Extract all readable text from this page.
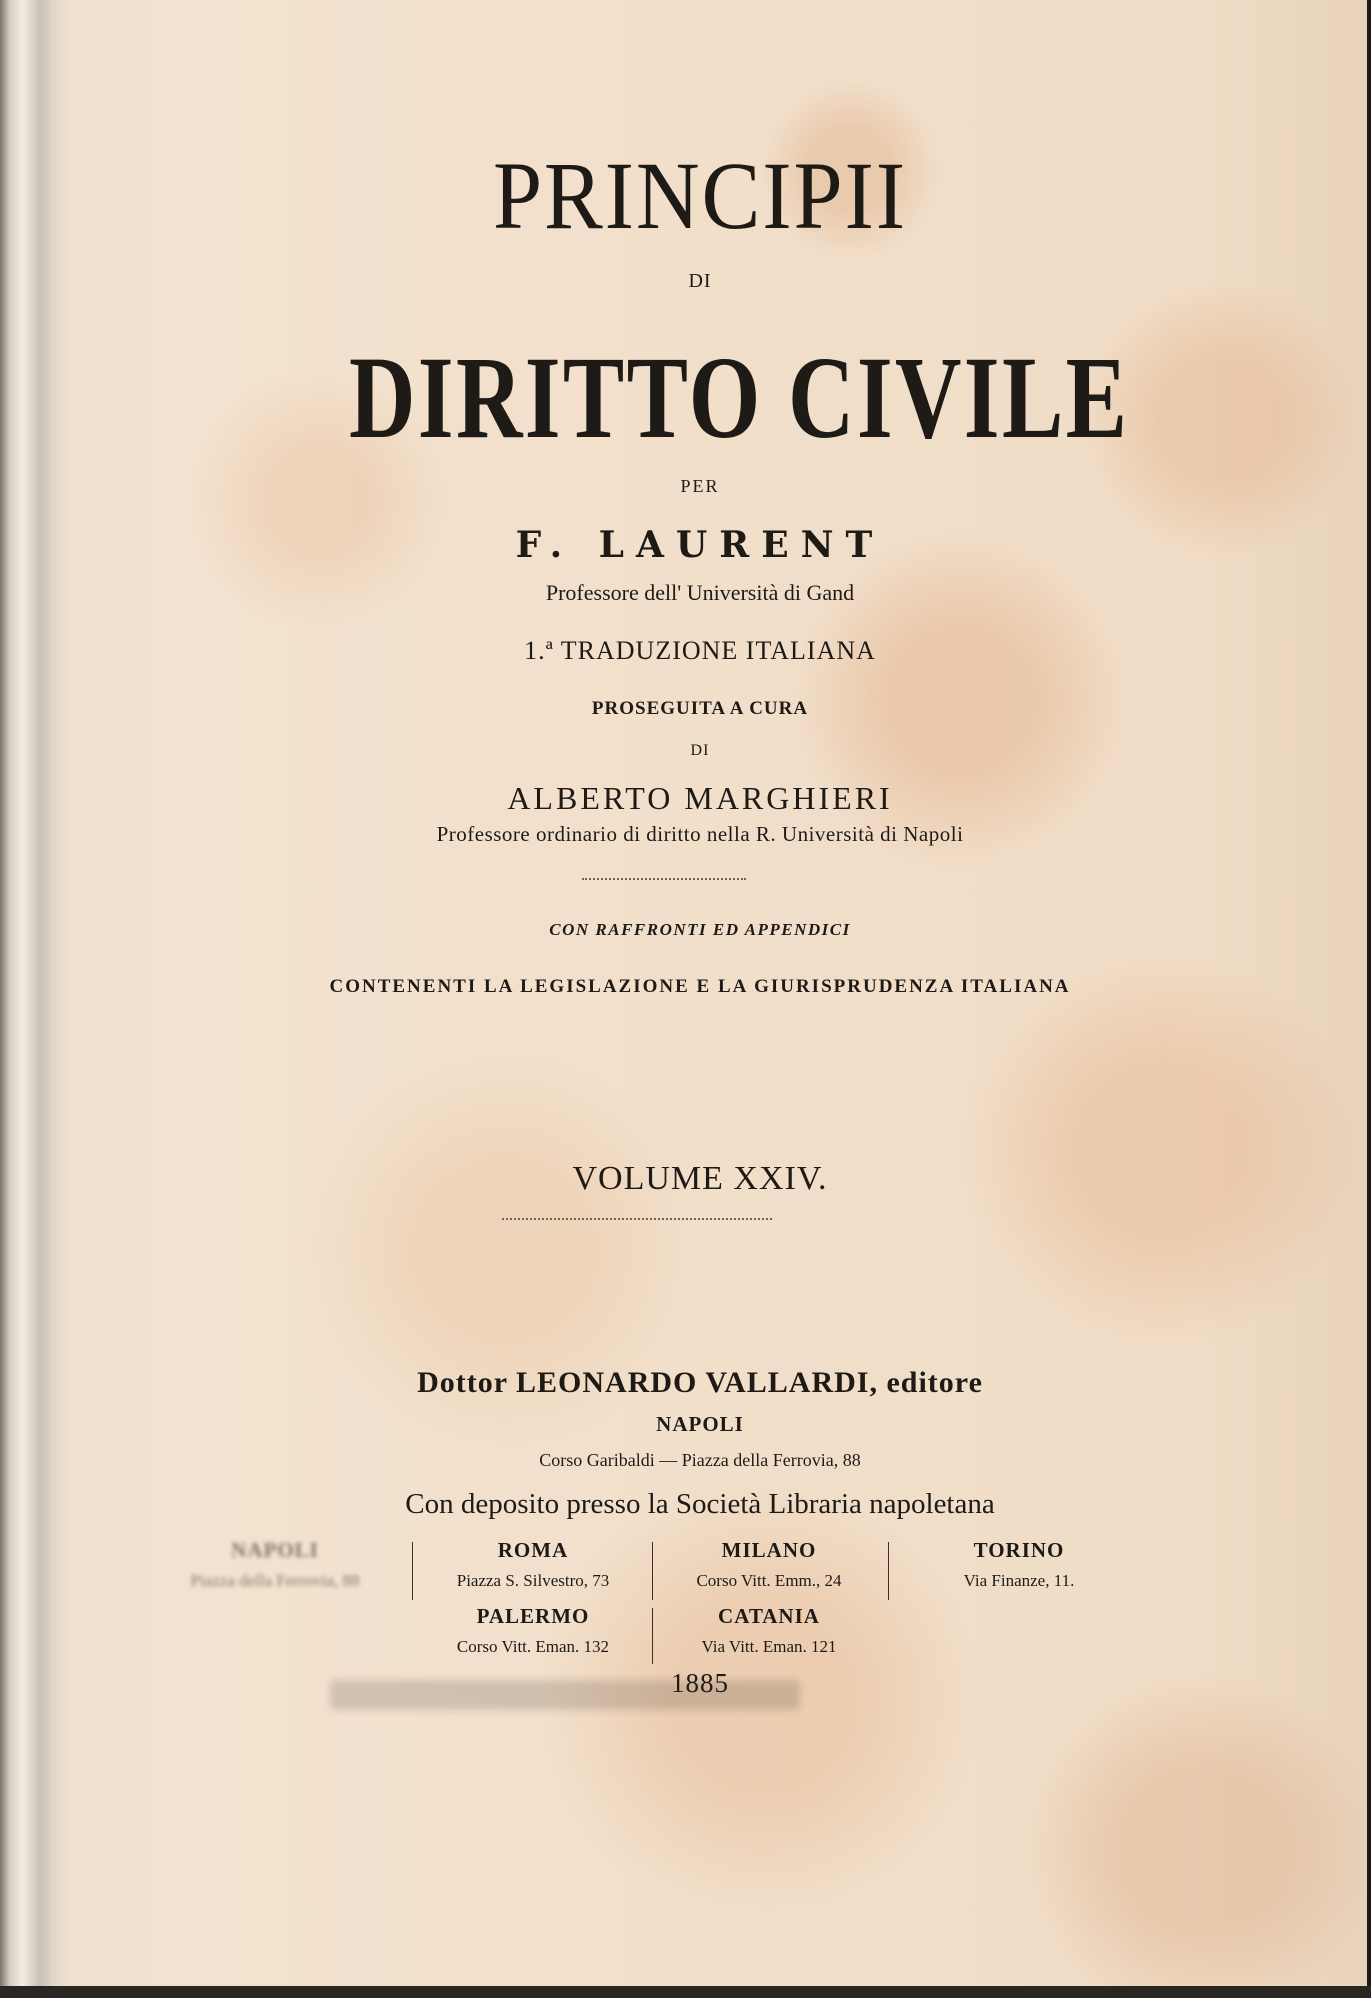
PRINCIPII
DI
DIRITTO CIVILE
PER
F. LAURENT
Professore dell' Università di Gand
1.ª TRADUZIONE ITALIANA
PROSEGUITA A CURA
DI
ALBERTO MARGHIERI
Professore ordinario di diritto nella R. Università di Napoli
CON RAFFRONTI ED APPENDICI
CONTENENTI LA LEGISLAZIONE E LA GIURISPRUDENZA ITALIANA
VOLUME XXIV.
Dottor LEONARDO VALLARDI, editore
NAPOLI
Corso Garibaldi — Piazza della Ferrovia, 88
Con deposito presso la Società Libraria napoletana
NAPOLI
Piazza della Ferrovia, 88
ROMA
Piazza S. Silvestro, 73
MILANO
Corso Vitt. Emm., 24
TORINO
Via Finanze, 11.
PALERMO
Corso Vitt. Eman. 132
CATANIA
Via Vitt. Eman. 121
1885
